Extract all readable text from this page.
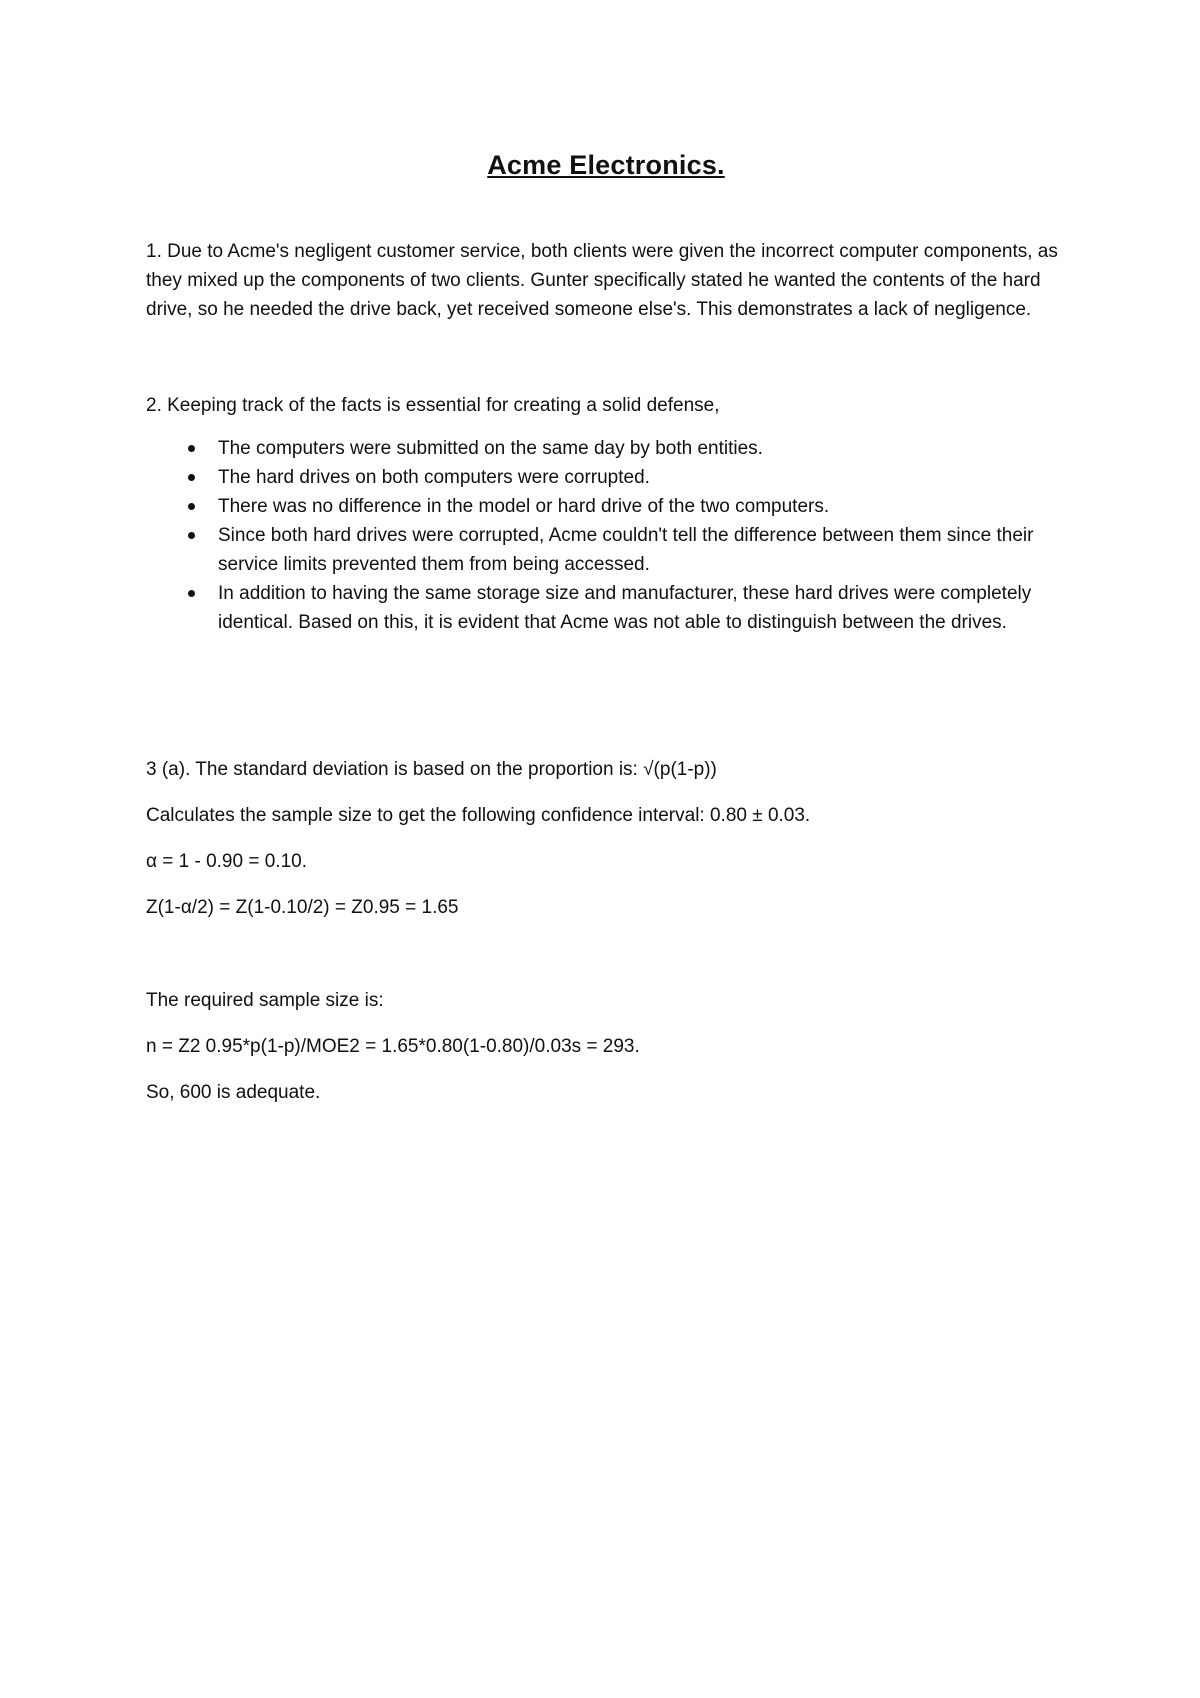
Acme Electronics.

1. Due to Acme's negligent customer service, both clients were given the incorrect computer components, as they mixed up the components of two clients. Gunter specifically stated he wanted the contents of the hard drive, so he needed the drive back, yet received someone else's. This demonstrates a lack of negligence.

2. Keeping track of the facts is essential for creating a solid defense,

The computers were submitted on the same day by both entities.
The hard drives on both computers were corrupted.
There was no difference in the model or hard drive of the two computers.
Since both hard drives were corrupted, Acme couldn't tell the difference between them since their service limits prevented them from being accessed.
In addition to having the same storage size and manufacturer, these hard drives were completely identical. Based on this, it is evident that Acme was not able to distinguish between the drives.

3 (a). The standard deviation is based on the proportion is: √(p(1-p))

Calculates the sample size to get the following confidence interval: 0.80 ± 0.03.

α = 1 - 0.90 = 0.10.

Z(1-α/2) = Z(1-0.10/2) = Z0.95 = 1.65

The required sample size is:

n = Z2 0.95*p(1-p)/MOE2 = 1.65*0.80(1-0.80)/0.03s = 293.

So, 600 is adequate.
